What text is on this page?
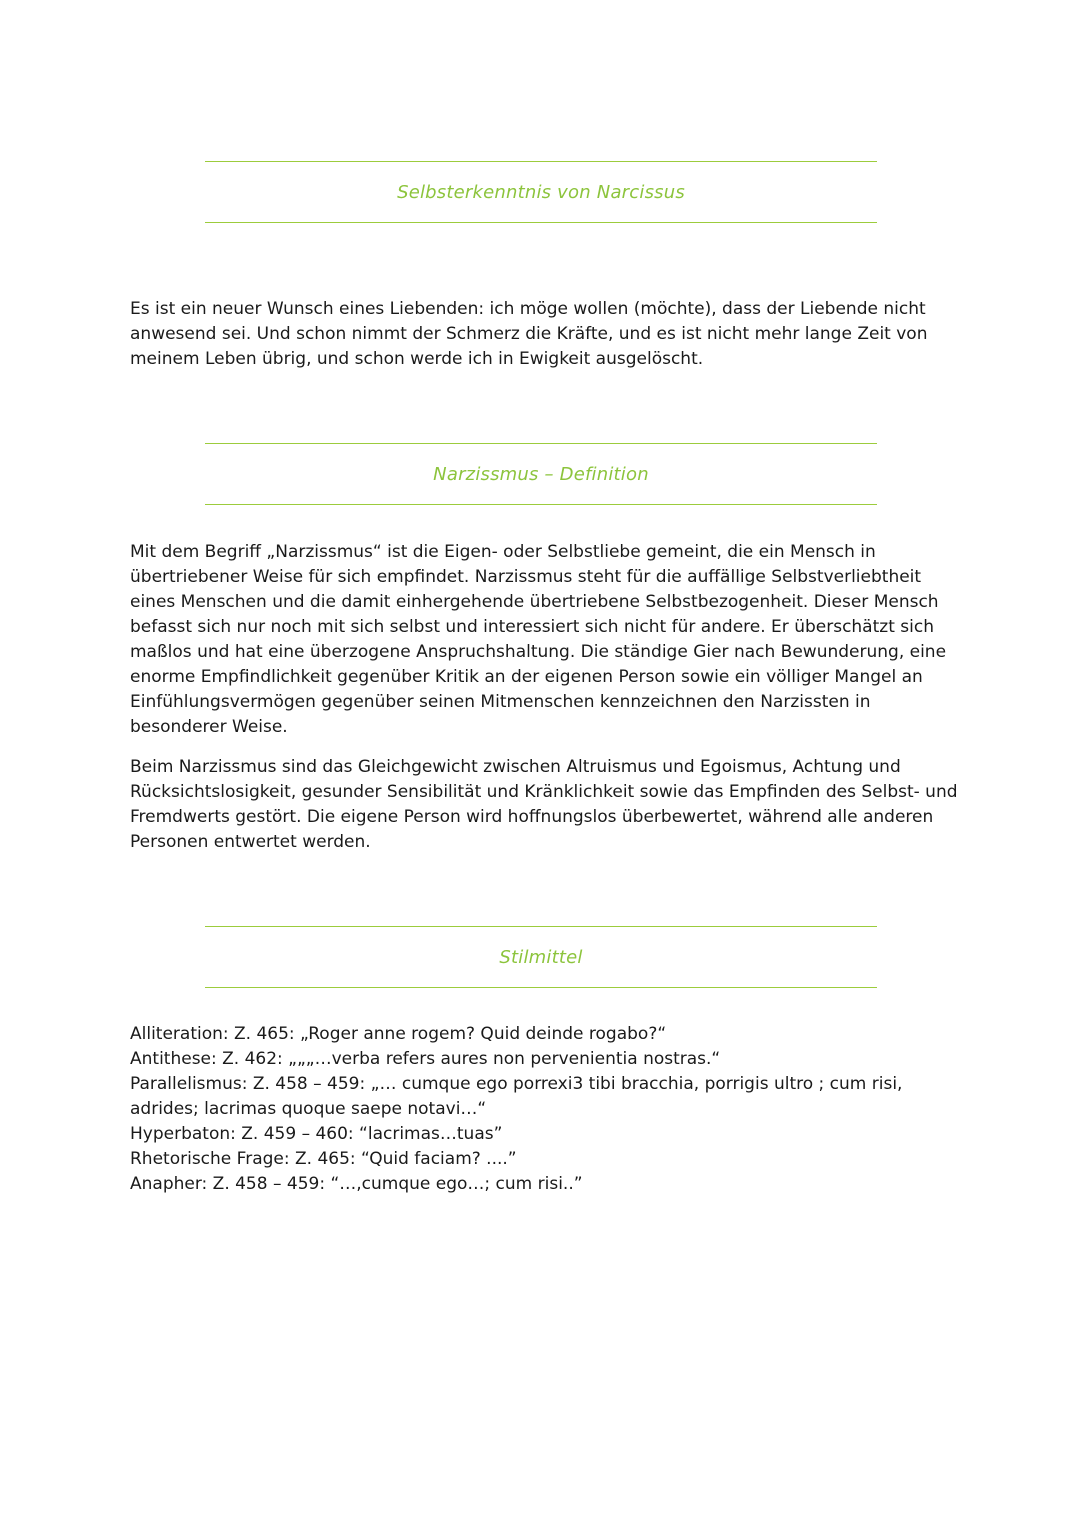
Selbsterkenntnis von Narcissus

Es ist ein neuer Wunsch eines Liebenden: ich möge wollen (möchte), dass der Liebende nicht anwesend sei. Und schon nimmt der Schmerz die Kräfte, und es ist nicht mehr lange Zeit von meinem Leben übrig, und schon werde ich in Ewigkeit ausgelöscht.

Narzissmus – Definition

Mit dem Begriff „Narzissmus“ ist die Eigen- oder Selbstliebe gemeint, die ein Mensch in übertriebener Weise für sich empfindet. Narzissmus steht für die auffällige Selbstverliebtheit eines Menschen und die damit einhergehende übertriebene Selbstbezogenheit. Dieser Mensch befasst sich nur noch mit sich selbst und interessiert sich nicht für andere. Er überschätzt sich maßlos und hat eine überzogene Anspruchshaltung. Die ständige Gier nach Bewunderung, eine enorme Empfindlichkeit gegenüber Kritik an der eigenen Person sowie ein völliger Mangel an Einfühlungsvermögen gegenüber seinen Mitmenschen kennzeichnen den Narzissten in besonderer Weise.

Beim Narzissmus sind das Gleichgewicht zwischen Altruismus und Egoismus, Achtung und Rücksichtslosigkeit, gesunder Sensibilität und Kränklichkeit sowie das Empfinden des Selbst- und Fremdwerts gestört. Die eigene Person wird hoffnungslos überbewertet, während alle anderen Personen entwertet werden.

Stilmittel
Alliteration: Z. 465: „Roger anne rogem? Quid deinde rogabo?“
Antithese: Z. 462: „„„…verba refers aures non pervenientia nostras.“
Parallelismus: Z. 458 – 459: „… cumque ego porrexi3 tibi bracchia, porrigis ultro ; cum risi, adrides; lacrimas quoque saepe notavi…“
Hyperbaton: Z. 459 – 460: “lacrimas…tuas”
Rhetorische Frage: Z. 465: “Quid faciam? ....”
Anapher: Z. 458 – 459: “…,cumque ego…; cum risi..”
